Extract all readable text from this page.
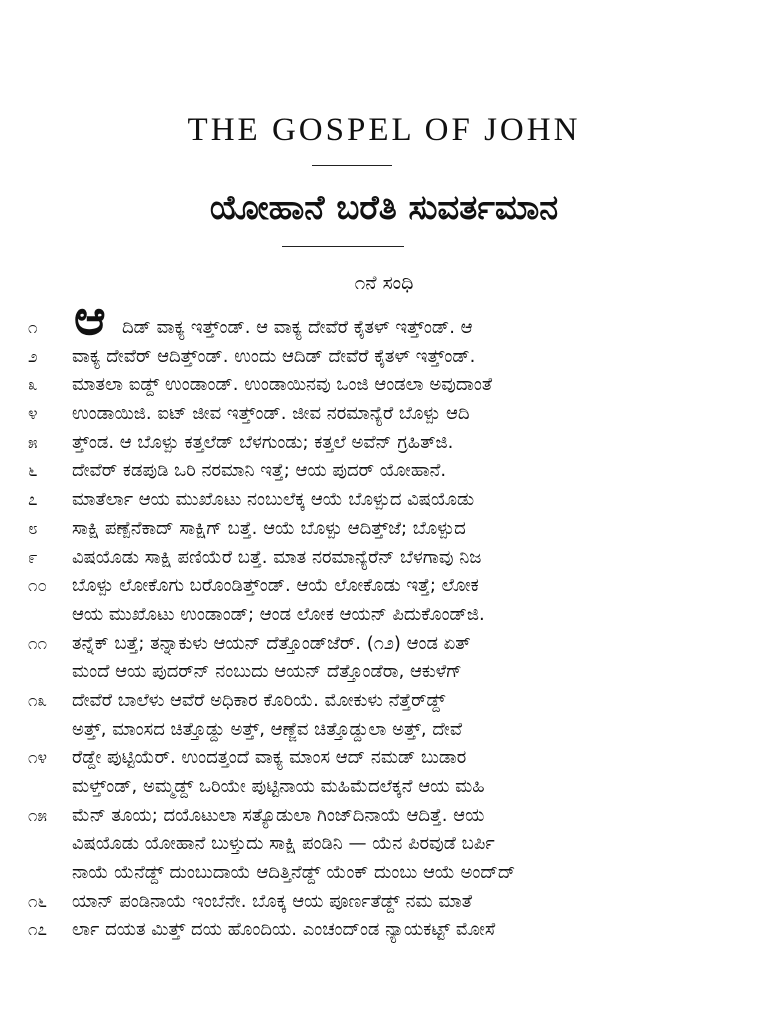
THE GOSPEL OF JOHN
ಯೋಹಾನೆ ಬರೆತಿ ಸುವರ್ತಮಾನ
೧ನೆ ಸಂಧಿ
ಆ
೧	ದಿಡ್ ವಾಕ್ಯ ಇತ್ತ್‌ಂಡ್. ಆ ವಾಕ್ಯ ದೇವೆರೆ ಕೈತಳ್ ಇತ್ತ್‌ಂಡ್. ಆ
೨	ವಾಕ್ಯ ದೇವೆರ್ ಆದಿತ್ತ್‌ಂಡ್. ಉಂದು ಆದಿಡ್ ದೇವೆರೆ ಕೈತಳ್ ಇತ್ತ್‌ಂಡ್.
೩	ಮಾತಲಾ ಐಡ್ದ್ ಉಂಡಾಂಡ್. ಉಂಡಾಯಿನವು ಒಂಜಿ ಆಂಡಲಾ ಅವುದಾಂತೆ
೪	ಉಂಡಾಯಿಜಿ. ಐಟ್ ಜೀವ ಇತ್ತ್‌ಂಡ್. ಜೀವ ನರಮಾನ್ಯೆರೆ ಬೊಳ್ಪು ಆದಿ
೫	ತ್ತ್‌ಂಡ. ಆ ಬೊಳ್ಪು ಕತ್ತಲೆಡ್ ಬೆಳಗುಂಡು; ಕತ್ತಲೆ ಅವೆನ್ ಗ್ರಹಿತ್‌ಜಿ.
೬	ದೇವೆರ್ ಕಡಪುಡಿ ಒರಿ ನರಮಾನಿ ಇತ್ತೆ; ಆಯ ಪುದರ್ ಯೋಹಾನೆ.
೭	ಮಾತೆರ್ಲಾ ಆಯ ಮುಖೊಟು ನಂಬುಲೆಕ್ಕ ಆಯೆ ಬೊಳ್ಪುದ ವಿಷಯೊಡು
೮	ಸಾಕ್ಷಿ ಪಣ್ಪೆನೆಕಾದ್ ಸಾಕ್ಷಿಗ್ ಬತ್ತೆ. ಆಯೆ ಬೊಳ್ಪು ಆದಿತ್ತ್‌ಜೆ; ಬೊಳ್ಪುದ
೯	ವಿಷಯೊಡು ಸಾಕ್ಷಿ ಪಣಿಯೆರೆ ಬತ್ತೆ. ಮಾತ ನರಮಾನ್ಯೆರೆನ್ ಬೆಳಗಾವು ನಿಜ
೧೦	ಬೊಳ್ಪು ಲೋಕೊಗು ಬರೊಂಡಿತ್ತ್‌ಂಡ್. ಆಯೆ ಲೋಕೊಡು ಇತ್ತೆ; ಲೋಕ
ಆಯ ಮುಖೊಟು ಉಂಡಾಂಡ್; ಆಂಡ ಲೋಕ ಆಯನ್ ಪಿದುಕೊಂಡ್‌ಜಿ.
೧೧	ತನ್ನೆಕ್ ಬತ್ತೆ; ತನ್ನಾಕುಳು ಆಯನ್ ದೆತ್ತೊಂಡ್‌ಜೆರ್. (೧೨) ಆಂಡ ಏತ್
ಮಂದೆ ಆಯ ಪುದರ್‌ನ್ ನಂಬುದು ಆಯನ್ ದೆತ್ತೊಂಡೆರಾ, ಆಕುಳೆಗ್
೧೩	ದೇವೆರೆ ಬಾಲೆಳು ಆವೆರೆ ಅಧಿಕಾರ ಕೊರಿಯೆ. ಮೋಕುಳು ನೆತ್ತೆರ್‌ಡ್ದ್
ಅತ್ತ್, ಮಾಂಸದ ಚಿತ್ತೊಡ್ದು ಅತ್ತ್, ಆಣ್ಜೆವ ಚಿತ್ತೊಡ್ದುಲಾ ಅತ್ತ್, ದೇವೆ
೧೪	ರೆಡ್ದೇ ಪುಟ್ಟಿಯೆರ್. ಉಂದತ್ತಂದೆ ವಾಕ್ಯ ಮಾಂಸ ಆದ್ ನಮಡ್ ಬುಡಾರ
ಮಳ್ತ್‌ಂಡ್, ಅಮ್ಮಡ್ದ್ ಒರಿಯೇ ಪುಟ್ಟಿನಾಯ ಮಹಿಮೆದಲೆಕ್ಕನೆ ಆಯ ಮಹಿ
೧೫	ಮೆನ್ ತೂಯ; ದಯೊಟುಲಾ ಸತ್ಯೊಡುಲಾ ಗಿಂಜ್‌ದಿನಾಯೆ ಆದಿತ್ತೆ. ಆಯ
ವಿಷಯೊಡು ಯೋಹಾನೆ ಬುಳ್ತುದು ಸಾಕ್ಷಿ ಪಂಡಿನಿ — ಯೆನ ಪಿರವುಡೆ ಬರ್ಪಿ
ನಾಯೆ ಯೆನೆಡ್ದ್ ದುಂಬುದಾಯೆ ಆದಿತ್ತಿನೆಡ್ದ್ ಯೆಂಕ್ ದುಂಬು ಆಯೆ ಅಂದ್‌ದ್
೧೬	ಯಾನ್ ಪಂಡಿನಾಯೆ ಇಂಬೆನೇ. ಬೊಕ್ಕ ಆಯ ಪೂರ್ಣತೆಡ್ದ್ ನಮ ಮಾತೆ
೧೭	ರ್ಲಾ ದಯತ ಮಿತ್ತ್ ದಯ ಹೊಂದಿಯ. ಎಂಚಂದ್ಂಡ ನ್ಯಾಯಕಟ್ಟ್ ಮೋಸೆ
